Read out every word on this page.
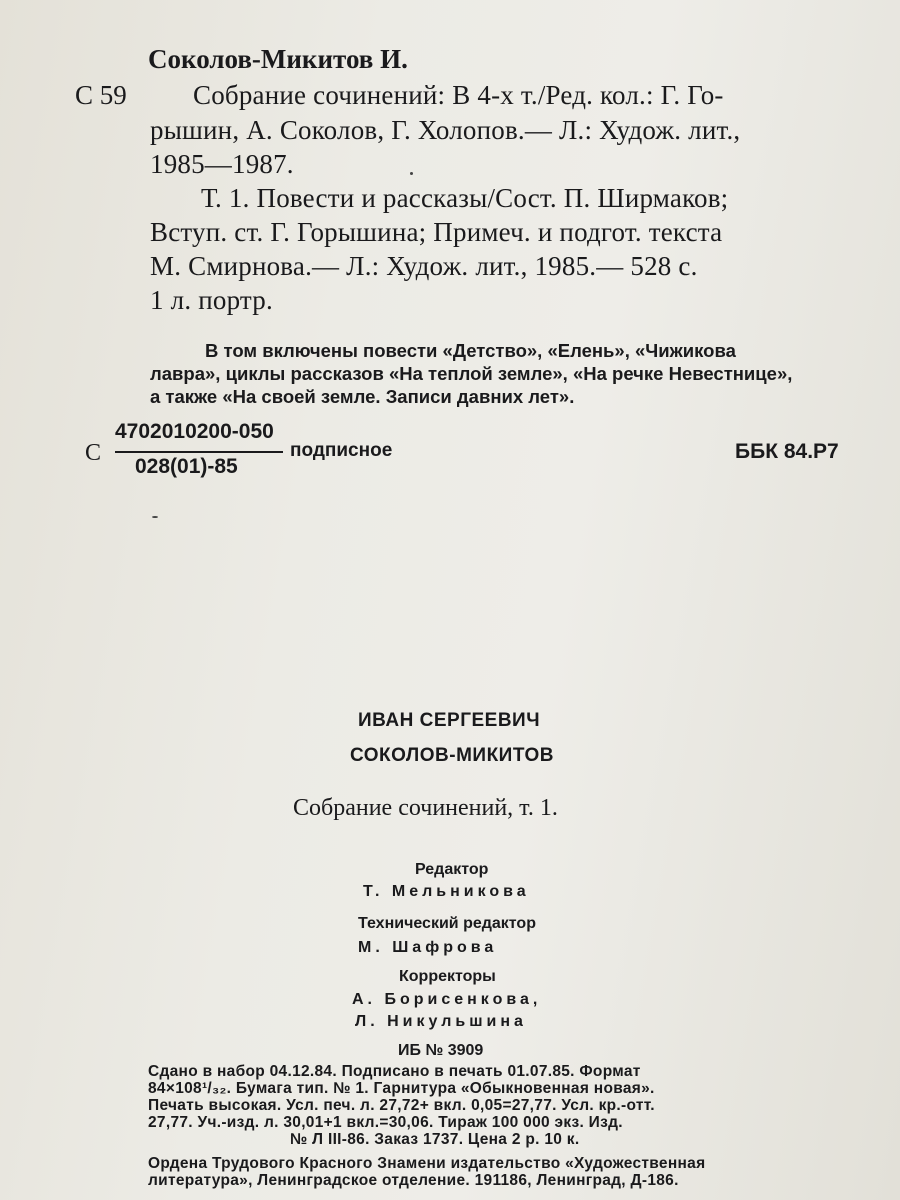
Соколов-Микитов И.
С 59 Собрание сочинений: В 4-х т./Ред. кол.: Г. Го-
рышин, А. Соколов, Г. Холопов.— Л.: Худож. лит.,
1985—1987.
Т. 1. Повести и рассказы/Сост. П. Ширмаков;
Вступ. ст. Г. Горышина; Примеч. и подгот. текста
М. Смирнова.— Л.: Худож. лит., 1985.— 528 с.
1 л. портр.
В том включены повести «Детство», «Елень», «Чижикова
лавра», циклы рассказов «На теплой земле», «На речке Невестнице»,
а также «На своей земле. Записи давних лет».
С
4702010200-050
028(01)-85
подписное	ББК 84.Р7
ИВАН СЕРГЕЕВИЧ
СОКОЛОВ-МИКИТОВ
Собрание сочинений, т. 1.
Редактор
Т. Мельникова
Технический редактор
М. Шафрова
Корректоры
А. Борисенкова,
Л. Никульшина
ИБ № 3909
Сдано в набор 04.12.84. Подписано в печать 01.07.85. Формат
84×108¹/₃₂. Бумага тип. № 1. Гарнитура «Обыкновенная новая».
Печать высокая. Усл. печ. л. 27,72+ вкл. 0,05=27,77. Усл. кр.-отт.
27,77. Уч.-изд. л. 30,01+1 вкл.=30,06. Тираж 100 000 экз. Изд.
№ Л III-86. Заказ 1737. Цена 2 р. 10 к.
Ордена Трудового Красного Знамени издательство «Художественная
литература», Ленинградское отделение. 191186, Ленинград, Д-186.
